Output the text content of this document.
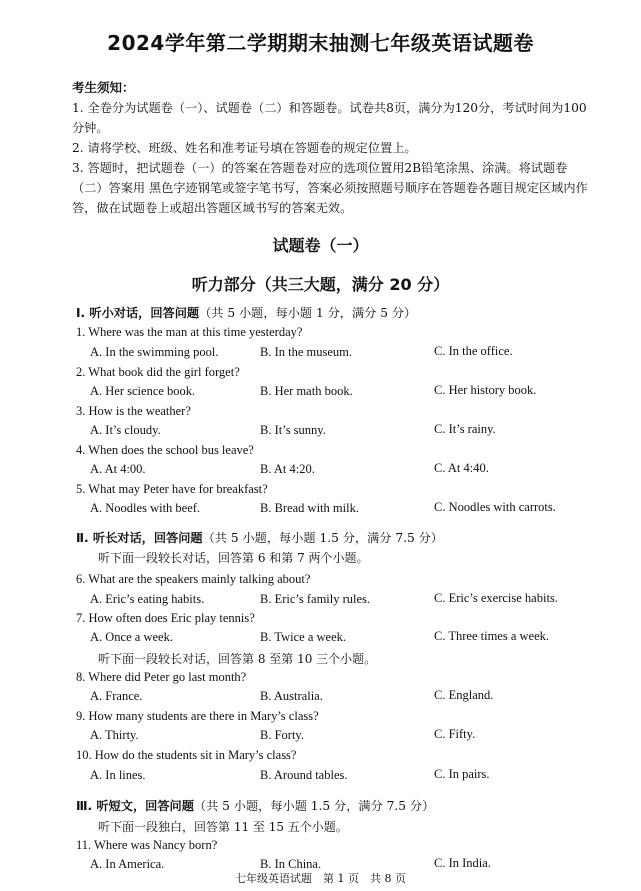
2024学年第二学期期末抽测七年级英语试题卷
考生须知：
1. 全卷分为试题卷（一）、试题卷（二）和答题卷。试卷共8页，满分为120分，考试时间为100分钟。
2. 请将学校、班级、姓名和准考证号填在答题卷的规定位置上。
3. 答题时，把试题卷（一）的答案在答题卷对应的选项位置用2B铅笔涂黑、涂满。将试题卷（二）答案用 黑色字迹钢笔或签字笔书写，答案必须按照题号顺序在答题卷各题目规定区域内作答，做在试题卷上或超出答题区域书写的答案无效。
试题卷（一）
听力部分（共三大题，满分 20 分）
Ⅰ. 听小对话，回答问题（共 5 小题，每小题 1 分，满分 5 分）
1. Where was the man at this time yesterday?
A. In the swimming pool.	B. In the museum.	C. In the office.
2. What book did the girl forget?
A. Her science book.	B. Her math book.	C. Her history book.
3. How is the weather?
A. It’s cloudy.	B. It’s sunny.	C. It’s rainy.
4. When does the school bus leave?
A. At 4:00.	B. At 4:20.	C. At 4:40.
5. What may Peter have for breakfast?
A. Noodles with beef.	B. Bread with milk.	C. Noodles with carrots.
Ⅱ. 听长对话，回答问题（共 5 小题，每小题 1.5 分，满分 7.5 分）
听下面一段较长对话，回答第 6 和第 7 两个小题。
6. What are the speakers mainly talking about?
A. Eric’s eating habits.	B. Eric’s family rules.	C. Eric’s exercise habits.
7. How often does Eric play tennis?
A. Once a week.	B. Twice a week.	C. Three times a week.
听下面一段较长对话，回答第 8 至第 10 三个小题。
8. Where did Peter go last month?
A. France.	B. Australia.	C. England.
9. How many students are there in Mary’s class?
A. Thirty.	B. Forty.	C. Fifty.
10. How do the students sit in Mary’s class?
A. In lines.	B. Around tables.	C. In pairs.
Ⅲ. 听短文，回答问题（共 5 小题，每小题 1.5 分，满分 7.5 分）
听下面一段独白，回答第 11 至 15 五个小题。
11. Where was Nancy born?
A. In America.	B. In China.	C. In India.
七年级英语试题　第 1 页　共 8 页
